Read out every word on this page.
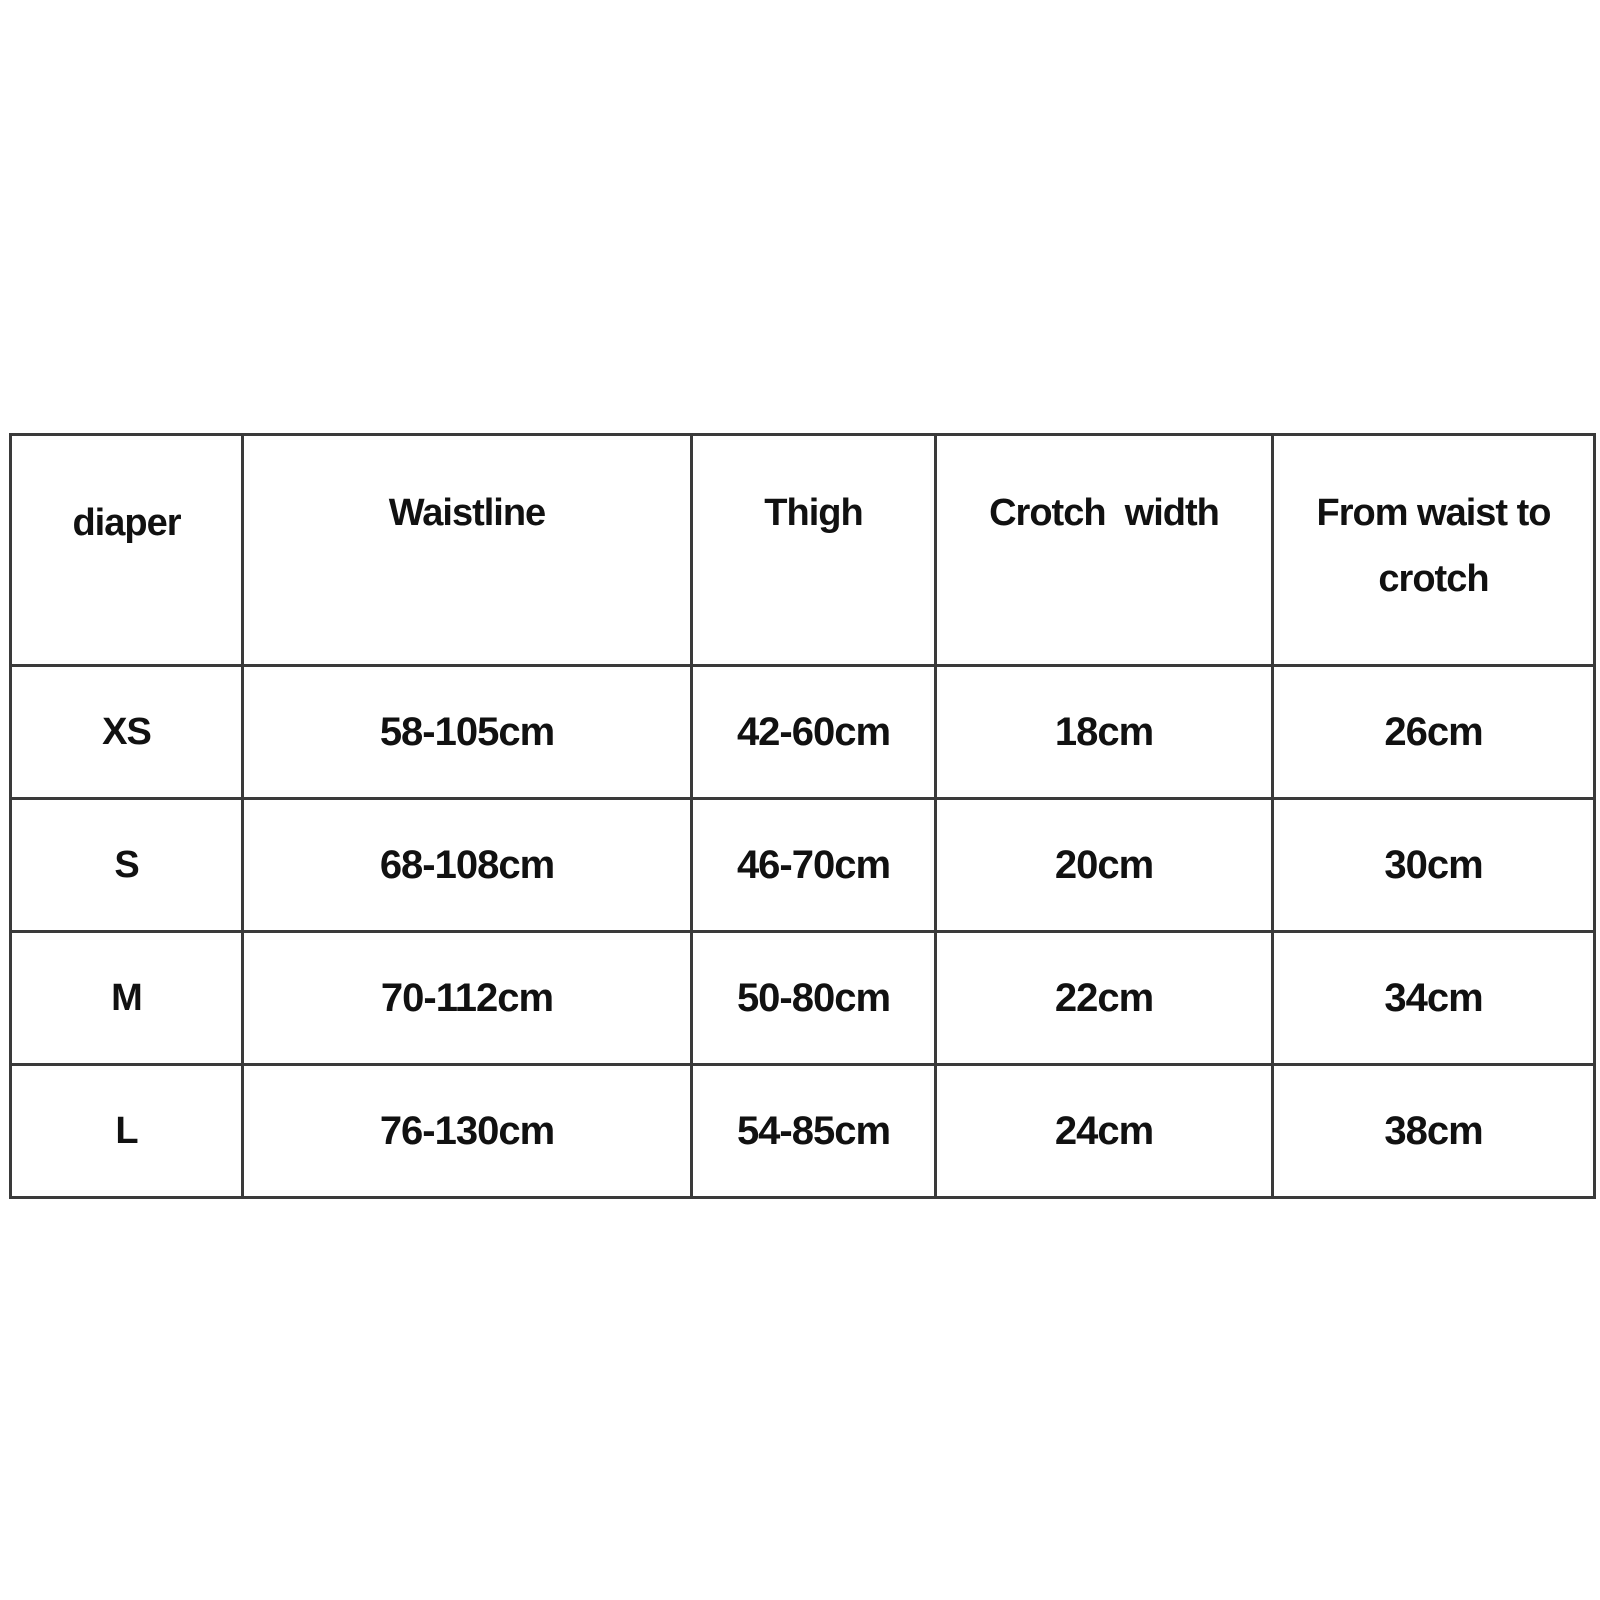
diaper	Waistline	Thigh	Crotch  width	From waist to crotch
XS	58-105cm	42-60cm	18cm	26cm
S	68-108cm	46-70cm	20cm	30cm
M	70-112cm	50-80cm	22cm	34cm
L	76-130cm	54-85cm	24cm	38cm
